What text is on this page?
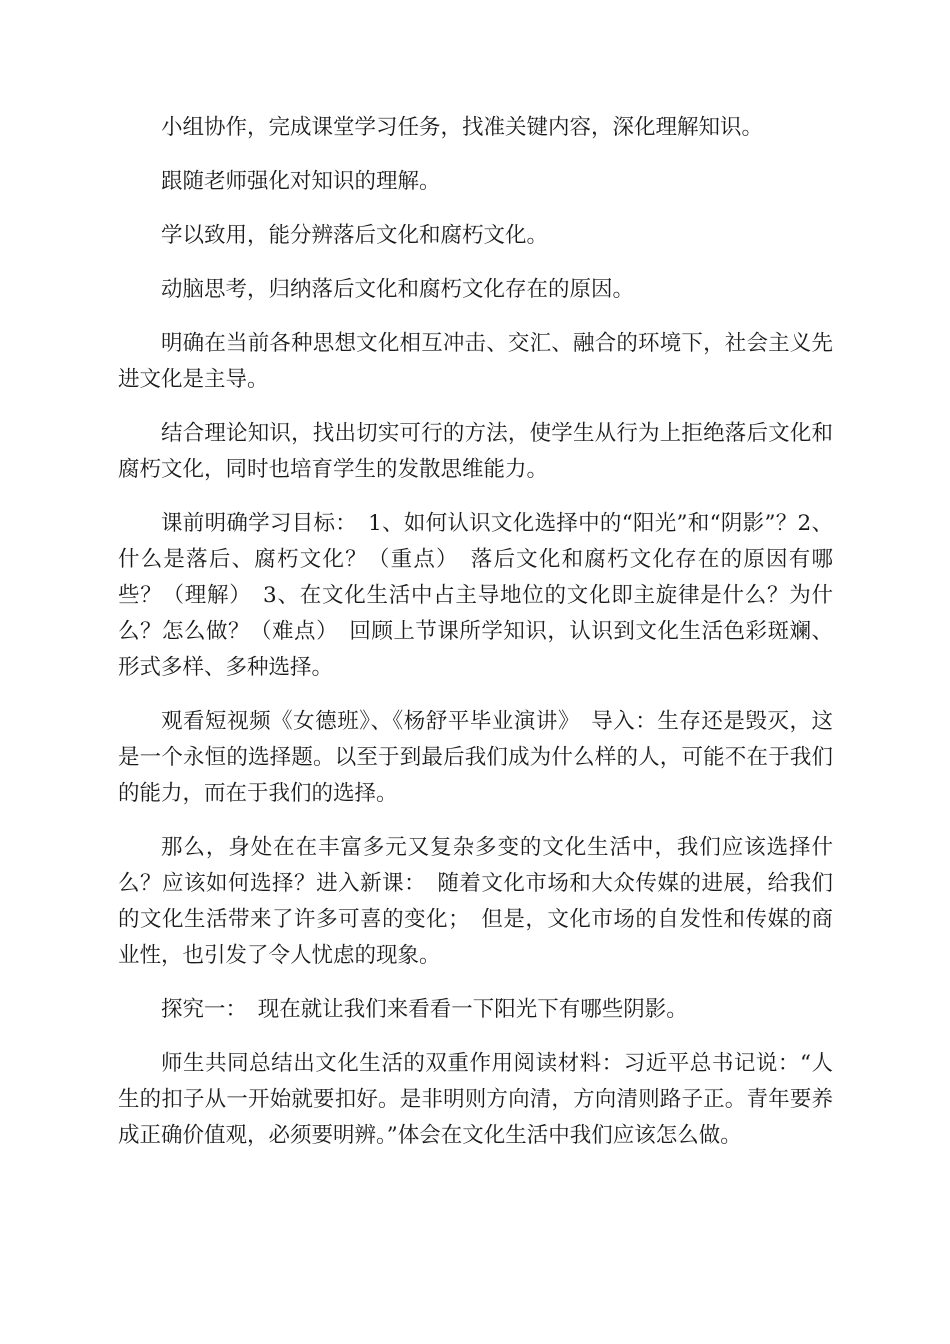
小组协作，完成课堂学习任务，找准关键内容，深化理解知识。

跟随老师强化对知识的理解。

学以致用，能分辨落后文化和腐朽文化。

动脑思考，归纳落后文化和腐朽文化存在的原因。

明确在当前各种思想文化相互冲击、交汇、融合的环境下，社会主义先进文化是主导。

结合理论知识，找出切实可行的方法，使学生从行为上拒绝落后文化和腐朽文化，同时也培育学生的发散思维能力。

课前明确学习目标：　1、如何认识文化选择中的“阳光”和“阴影”？2、什么是落后、腐朽文化？（重点）　落后文化和腐朽文化存在的原因有哪些？（理解）　3、在文化生活中占主导地位的文化即主旋律是什么？为什么？怎么做？（难点）　回顾上节课所学知识，认识到文化生活色彩斑斓、形式多样、多种选择。

观看短视频《女德班》、《杨舒平毕业演讲》　导入：生存还是毁灭，这是一个永恒的选择题。以至于到最后我们成为什么样的人，可能不在于我们的能力，而在于我们的选择。

那么，身处在在丰富多元又复杂多变的文化生活中，我们应该选择什么？应该如何选择？进入新课：　随着文化市场和大众传媒的进展，给我们的文化生活带来了许多可喜的变化；　但是，文化市场的自发性和传媒的商业性，也引发了令人忧虑的现象。

探究一：　现在就让我们来看看一下阳光下有哪些阴影。

师生共同总结出文化生活的双重作用阅读材料：习近平总书记说：“人生的扣子从一开始就要扣好。是非明则方向清，方向清则路子正。青年要养成正确价值观，必须要明辨。”体会在文化生活中我们应该怎么做。
